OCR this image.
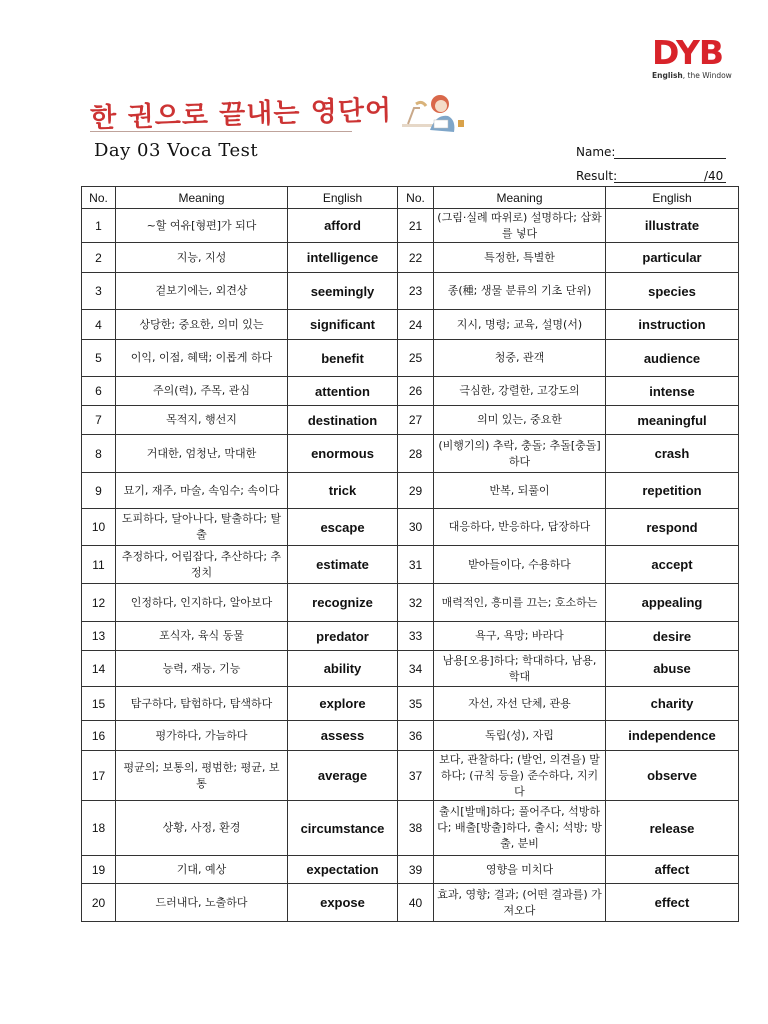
DYB
English, the Window
한 권으로 끝내는 영단어
Day 03 Voca Test	Name:
Result:	/40
No.	Meaning	English	No.	Meaning	English
1	~할 여유[형편]가 되다	afford	21	(그림·실례 따위로) 설명하다; 삽화를 넣다	illustrate
2	지능, 지성	intelligence	22	특정한, 특별한	particular
3	겉보기에는, 외견상	seemingly	23	종(種; 생물 분류의 기초 단위)	species
4	상당한; 중요한, 의미 있는	significant	24	지시, 명령; 교육, 설명(서)	instruction
5	이익, 이점, 혜택; 이롭게 하다	benefit	25	청중, 관객	audience
6	주의(력), 주목, 관심	attention	26	극심한, 강렬한, 고강도의	intense
7	목적지, 행선지	destination	27	의미 있는, 중요한	meaningful
8	거대한, 엄청난, 막대한	enormous	28	(비행기의) 추락, 충돌; 추돌[충돌]하다	crash
9	묘기, 재주, 마술, 속임수; 속이다	trick	29	반복, 되풀이	repetition
10	도피하다, 달아나다, 탈출하다; 탈출	escape	30	대응하다, 반응하다, 답장하다	respond
11	추정하다, 어림잡다, 추산하다; 추정치	estimate	31	받아들이다, 수용하다	accept
12	인정하다, 인지하다, 알아보다	recognize	32	매력적인, 흥미를 끄는; 호소하는	appealing
13	포식자, 육식 동물	predator	33	욕구, 욕망; 바라다	desire
14	능력, 재능, 기능	ability	34	남용[오용]하다; 학대하다, 남용, 학대	abuse
15	탐구하다, 탐험하다, 탐색하다	explore	35	자선, 자선 단체, 관용	charity
16	평가하다, 가늠하다	assess	36	독립(성), 자립	independence
17	평균의; 보통의, 평범한; 평균, 보통	average	37	보다, 관찰하다; (발언, 의견을) 말하다; (규칙 등을) 준수하다, 지키다	observe
18	상황, 사정, 환경	circumstance	38	출시[발매]하다; 풀어주다, 석방하다; 배출[방출]하다, 출시; 석방; 방출, 분비	release
19	기대, 예상	expectation	39	영향을 미치다	affect
20	드러내다, 노출하다	expose	40	효과, 영향; 결과; (어떤 결과를) 가져오다	effect
